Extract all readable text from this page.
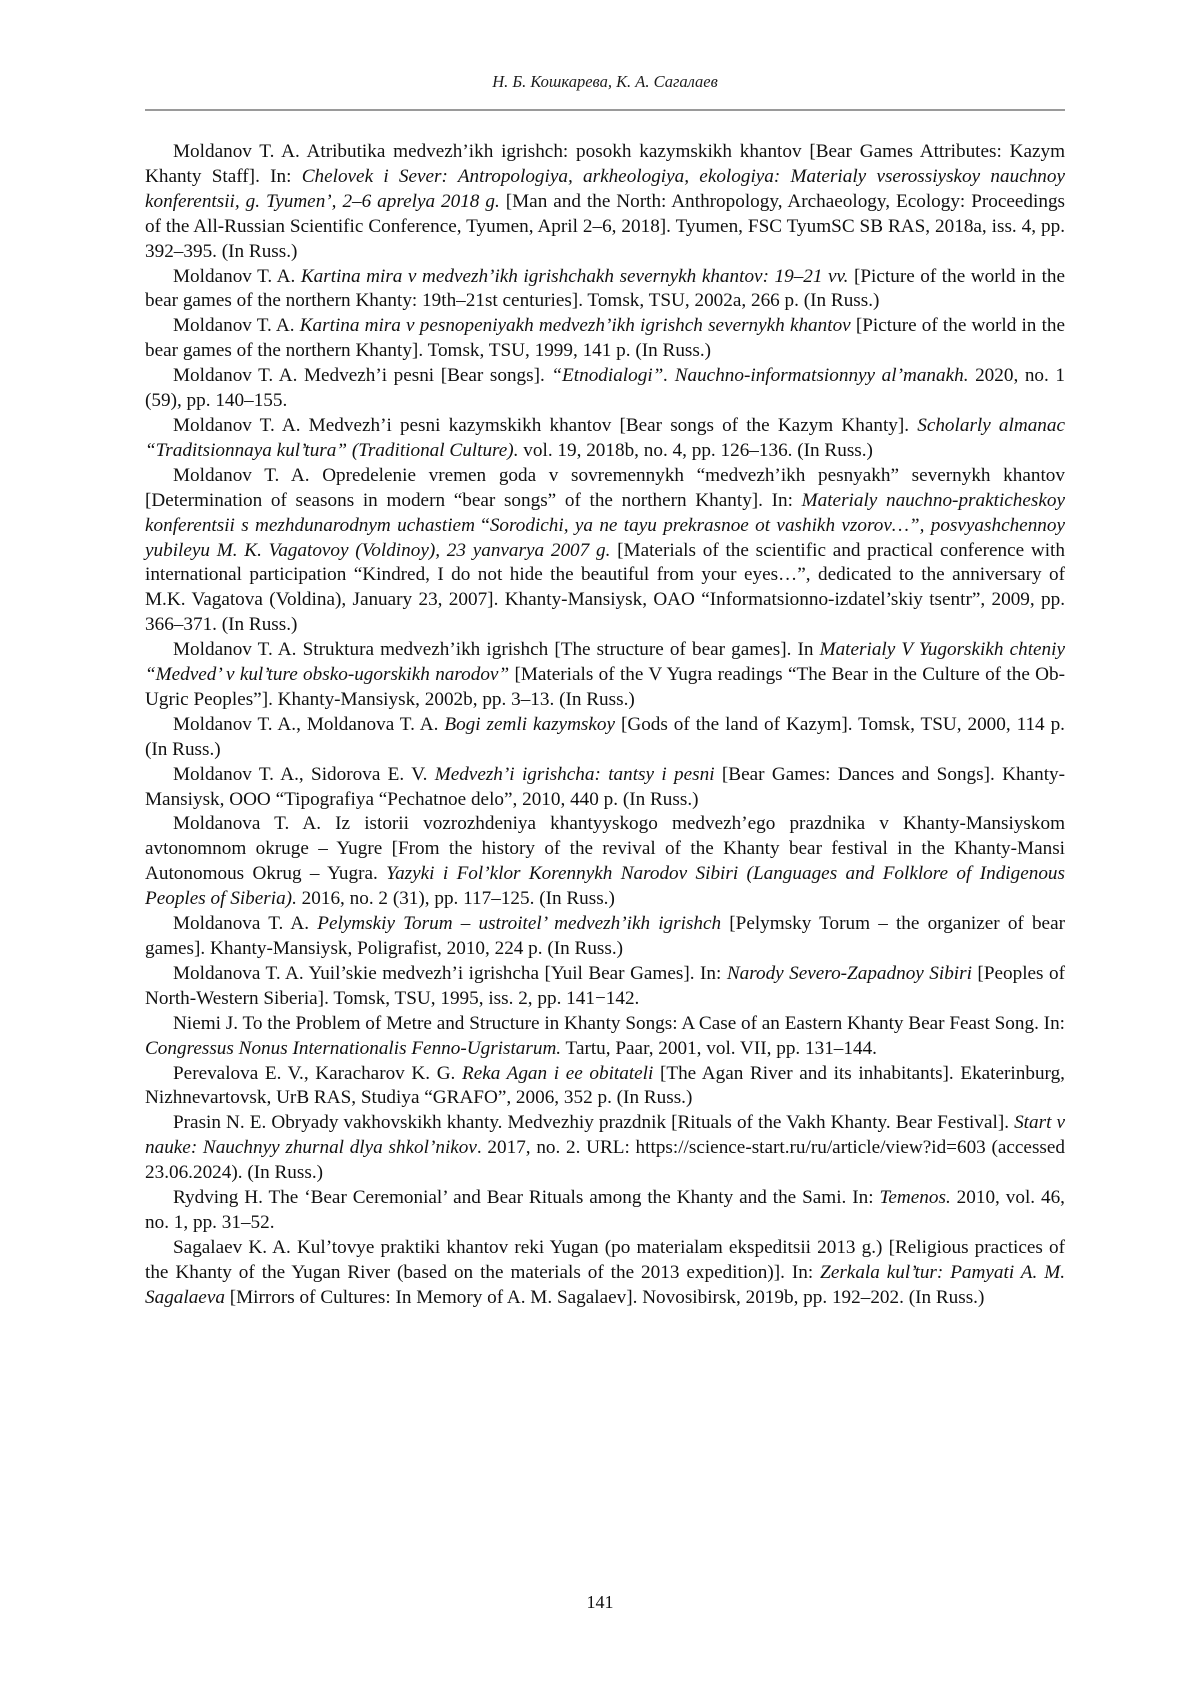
Н. Б. Кошкарева, К. А. Сагалаев

Moldanov T. A. Atributika medvezh’ikh igrishch: posokh kazymskikh khantov [Bear Games Attributes: Kazym Khanty Staff]. In: Chelovek i Sever: Antropologiya, arkheologiya, ekologiya: Materialy vserossiyskoy nauchnoy konferentsii, g. Tyumen’, 2–6 aprelya 2018 g. [Man and the North: Anthropology, Archaeology, Ecology: Proceedings of the All-Russian Scientific Conference, Tyumen, April 2–6, 2018]. Tyumen, FSC TyumSC SB RAS, 2018a, iss. 4, pp. 392–395. (In Russ.)

Moldanov T. A. Kartina mira v medvezh’ikh igrishchakh severnykh khantov: 19–21 vv. [Picture of the world in the bear games of the northern Khanty: 19th–21st centuries]. Tomsk, TSU, 2002a, 266 p. (In Russ.)

Moldanov T. A. Kartina mira v pesnopeniyakh medvezh’ikh igrishch severnykh khantov [Picture of the world in the bear games of the northern Khanty]. Tomsk, TSU, 1999, 141 p. (In Russ.)

Moldanov T. A. Medvezh’i pesni [Bear songs]. “Etnodialogi”. Nauchno-informatsionnyy al’manakh. 2020, no. 1 (59), pp. 140–155.

Moldanov T. A. Medvezh’i pesni kazymskikh khantov [Bear songs of the Kazym Khanty]. Scholarly almanac “Traditsionnaya kul’tura” (Traditional Culture). vol. 19, 2018b, no. 4, pp. 126–136. (In Russ.)

Moldanov T. A. Opredelenie vremen goda v sovremennykh “medvezh’ikh pesnyakh” severnykh khantov [Determination of seasons in modern “bear songs” of the northern Khanty]. In: Materialy nauchno-prakticheskoy konferentsii s mezhdunarodnym uchastiem “Sorodichi, ya ne tayu prekrasnoe ot vashikh vzorov…”, posvyashchennoy yubileyu M. K. Vagatovoy (Voldinoy), 23 yanvarya 2007 g. [Materials of the scientific and practical conference with international participation “Kindred, I do not hide the beautiful from your eyes…”, dedicated to the anniversary of M.K. Vagatova (Voldina), January 23, 2007]. Khanty-Mansiysk, OAO “Informatsionno-izdatel’skiy tsentr”, 2009, pp. 366–371. (In Russ.)

Moldanov T. A. Struktura medvezh’ikh igrishch [The structure of bear games]. In Materialy V Yugorskikh chteniy “Medved’ v kul’ture obsko-ugorskikh narodov” [Materials of the V Yugra readings “The Bear in the Culture of the Ob-Ugric Peoples”]. Khanty-Mansiysk, 2002b, pp. 3–13. (In Russ.)

Moldanov T. A., Moldanova T. A. Bogi zemli kazymskoy [Gods of the land of Kazym]. Tomsk, TSU, 2000, 114 p. (In Russ.)

Moldanov T. A., Sidorova E. V. Medvezh’i igrishcha: tantsy i pesni [Bear Games: Dances and Songs]. Khanty-Mansiysk, OOO “Tipografiya “Pechatnoe delo”, 2010, 440 p. (In Russ.)

Moldanova T. A. Iz istorii vozrozhdeniya khantyyskogo medvezh’ego prazdnika v Khanty-Mansiyskom avtonomnom okruge – Yugre [From the history of the revival of the Khanty bear festival in the Khanty-Mansi Autonomous Okrug – Yugra. Yazyki i Fol’klor Korennykh Narodov Sibiri (Languages and Folklore of Indigenous Peoples of Siberia). 2016, no. 2 (31), pp. 117–125. (In Russ.)

Moldanova T. A. Pelymskiy Torum – ustroitel’ medvezh’ikh igrishch [Pelymsky Torum – the organizer of bear games]. Khanty-Mansiysk, Poligrafist, 2010, 224 p. (In Russ.)

Moldanova T. A. Yuil’skie medvezh’i igrishcha [Yuil Bear Games]. In: Narody Severo-Zapadnoy Sibiri [Peoples of North-Western Siberia]. Tomsk, TSU, 1995, iss. 2, pp. 141−142.

Niemi J. To the Problem of Metre and Structure in Khanty Songs: A Case of an Eastern Khanty Bear Feast Song. In: Congressus Nonus Internationalis Fenno-Ugristarum. Tartu, Paar, 2001, vol. VII, pp. 131–144.

Perevalova E. V., Karacharov K. G. Reka Agan i ee obitateli [The Agan River and its inhabitants]. Ekaterinburg, Nizhnevartovsk, UrB RAS, Studiya “GRAFO”, 2006, 352 p. (In Russ.)

Prasin N. E. Obryady vakhovskikh khanty. Medvezhiy prazdnik [Rituals of the Vakh Khanty. Bear Festival]. Start v nauke: Nauchnyy zhurnal dlya shkol’nikov. 2017, no. 2. URL: https://science-start.ru/ru/article/view?id=603 (accessed 23.06.2024). (In Russ.)

Rydving H. The ‘Bear Ceremonial’ and Bear Rituals among the Khanty and the Sami. In: Temenos. 2010, vol. 46, no. 1, pp. 31–52.

Sagalaev K. A. Kul’tovye praktiki khantov reki Yugan (po materialam ekspeditsii 2013 g.) [Religious practices of the Khanty of the Yugan River (based on the materials of the 2013 expedition)]. In: Zerkala kul’tur: Pamyati A. M. Sagalaeva [Mirrors of Cultures: In Memory of A. M. Sagalaev]. Novosibirsk, 2019b, pp. 192–202. (In Russ.)

141
